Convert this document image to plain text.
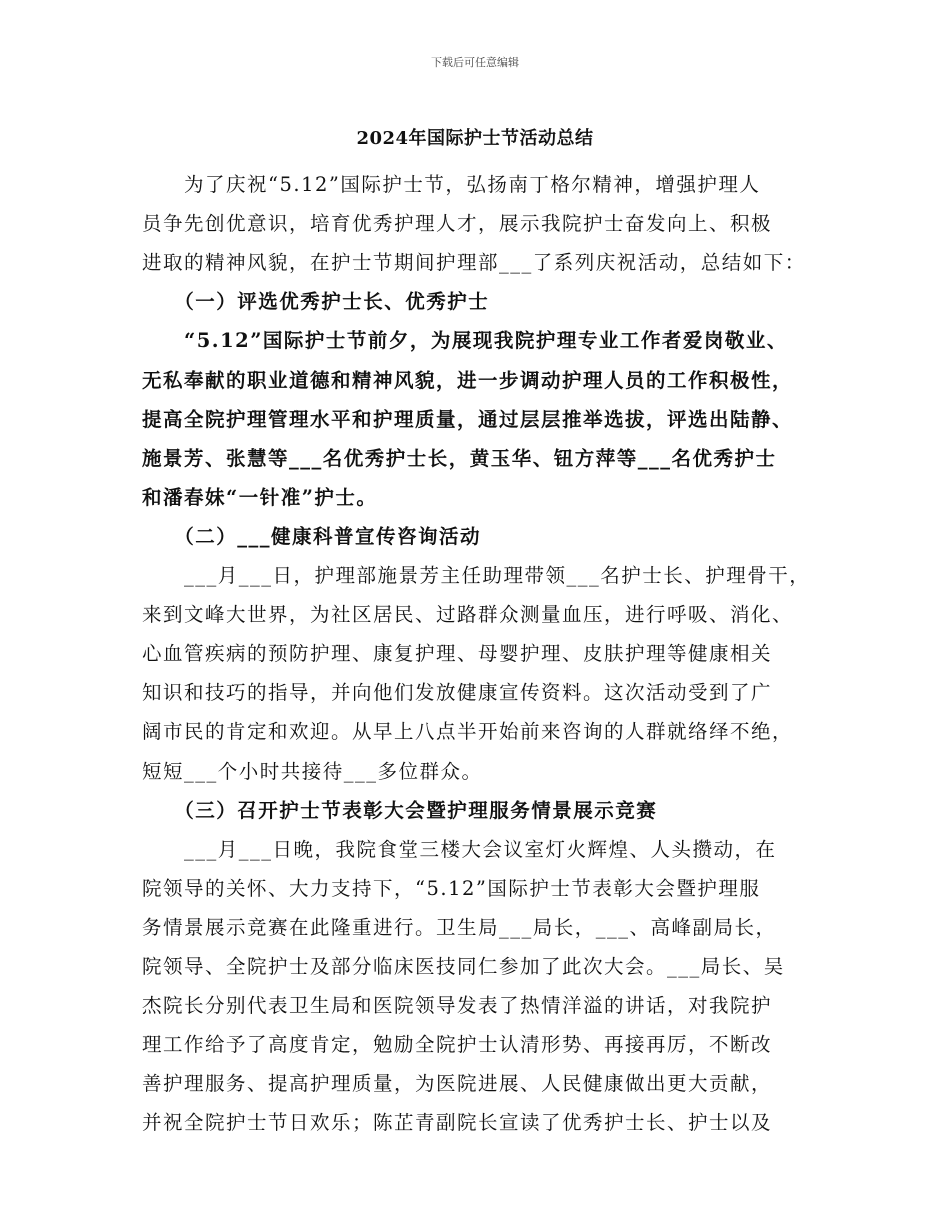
下载后可任意编辑
2024年国际护士节活动总结
　　为了庆祝“5.12”国际护士节，弘扬南丁格尔精神，增强护理人
员争先创优意识，培育优秀护理人才，展示我院护士奋发向上、积极
进取的精神风貌，在护士节期间护理部___了系列庆祝活动，总结如下：
　　（一）评选优秀护士长、优秀护士
　　“5.12”国际护士节前夕，为展现我院护理专业工作者爱岗敬业、
无私奉献的职业道德和精神风貌，进一步调动护理人员的工作积极性，
提高全院护理管理水平和护理质量，通过层层推举选拔，评选出陆静、
施景芳、张慧等___名优秀护士长，黄玉华、钮方萍等___名优秀护士
和潘春妹“一针准”护士。
　　（二）___健康科普宣传咨询活动
　　___月___日，护理部施景芳主任助理带领___名护士长、护理骨干，
来到文峰大世界，为社区居民、过路群众测量血压，进行呼吸、消化、
心血管疾病的预防护理、康复护理、母婴护理、皮肤护理等健康相关
知识和技巧的指导，并向他们发放健康宣传资料。这次活动受到了广
阔市民的肯定和欢迎。从早上八点半开始前来咨询的人群就络绎不绝，
短短___个小时共接待___多位群众。
　　（三）召开护士节表彰大会暨护理服务情景展示竞赛
　　___月___日晚，我院食堂三楼大会议室灯火辉煌、人头攒动，在
院领导的关怀、大力支持下，“5.12”国际护士节表彰大会暨护理服
务情景展示竞赛在此隆重进行。卫生局___局长，___、高峰副局长，
院领导、全院护士及部分临床医技同仁参加了此次大会。___局长、吴
杰院长分别代表卫生局和医院领导发表了热情洋溢的讲话，对我院护
理工作给予了高度肯定，勉励全院护士认清形势、再接再厉，不断改
善护理服务、提高护理质量，为医院进展、人民健康做出更大贡献，
并祝全院护士节日欢乐；陈芷青副院长宣读了优秀护士长、护士以及
